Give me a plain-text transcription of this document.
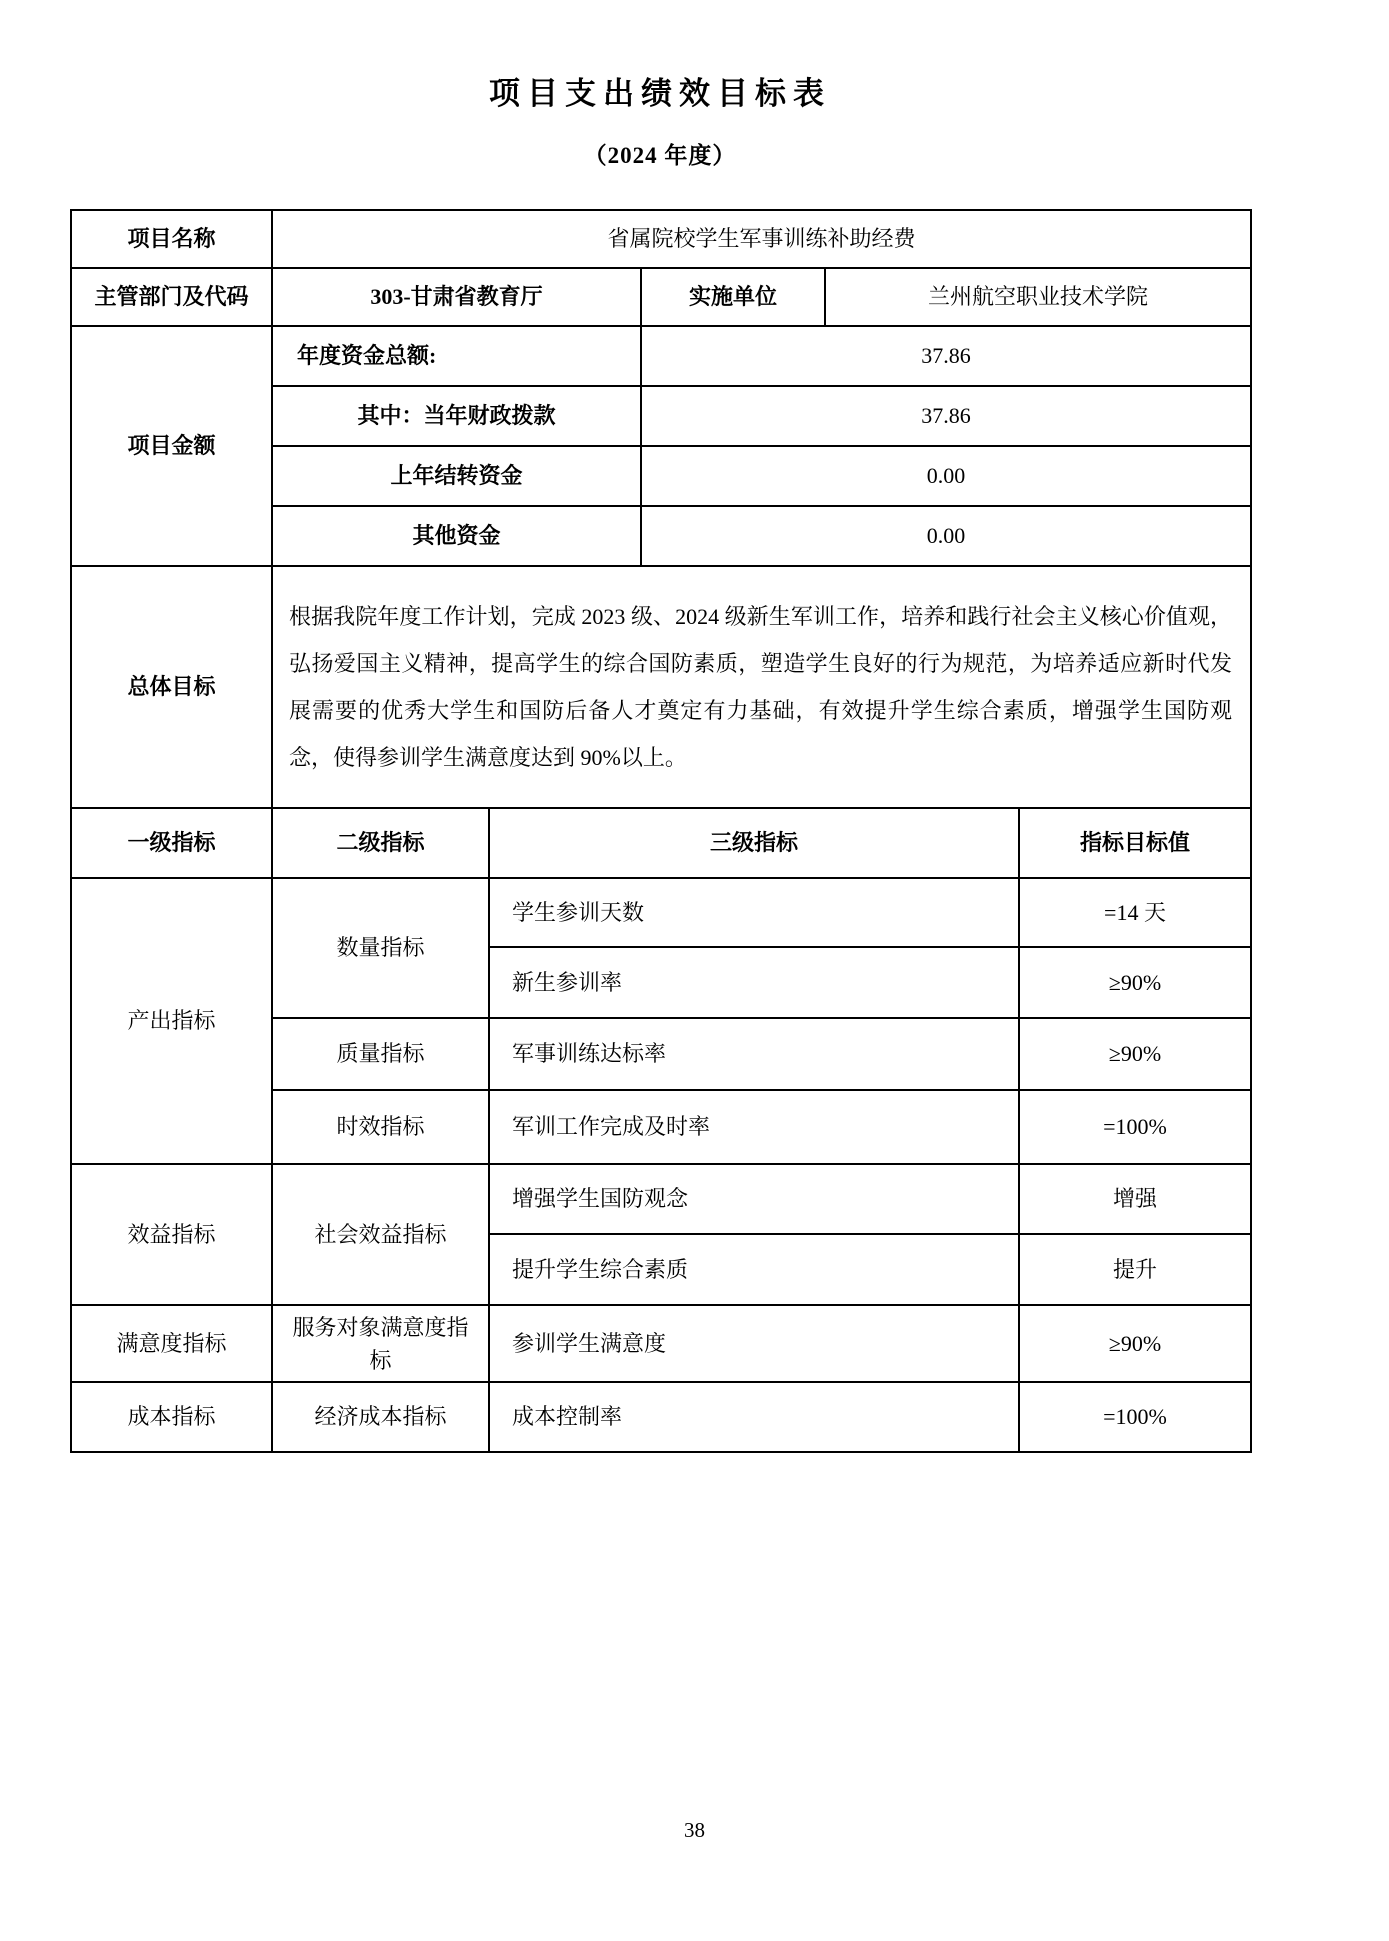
项目支出绩效目标表
（2024 年度）
项目名称	省属院校学生军事训练补助经费		
主管部门及代码	303-甘肃省教育厅	实施单位	兰州航空职业技术学院
项目金额	年度资金总额:	37.86	
	其中：当年财政拨款	37.86	
	上年结转资金	0.00	
	其他资金	0.00	
总体目标	根据我院年度工作计划，完成 2023 级、2024 级新生军训工作，培养和践行社会主义核心价值观，弘扬爱国主义精神，提高学生的综合国防素质，塑造学生良好的行为规范，为培养适应新时代发展需要的优秀大学生和国防后备人才奠定有力基础，有效提升学生综合素质，增强学生国防观念，使得参训学生满意度达到 90%以上。		
一级指标	二级指标	三级指标	指标目标值
产出指标	数量指标	学生参训天数	=14 天
		新生参训率	≥90%
	质量指标	军事训练达标率	≥90%
	时效指标	军训工作完成及时率	=100%
效益指标	社会效益指标	增强学生国防观念	增强
		提升学生综合素质	提升
满意度指标	服务对象满意度指标	参训学生满意度	≥90%
成本指标	经济成本指标	成本控制率	=100%
38
